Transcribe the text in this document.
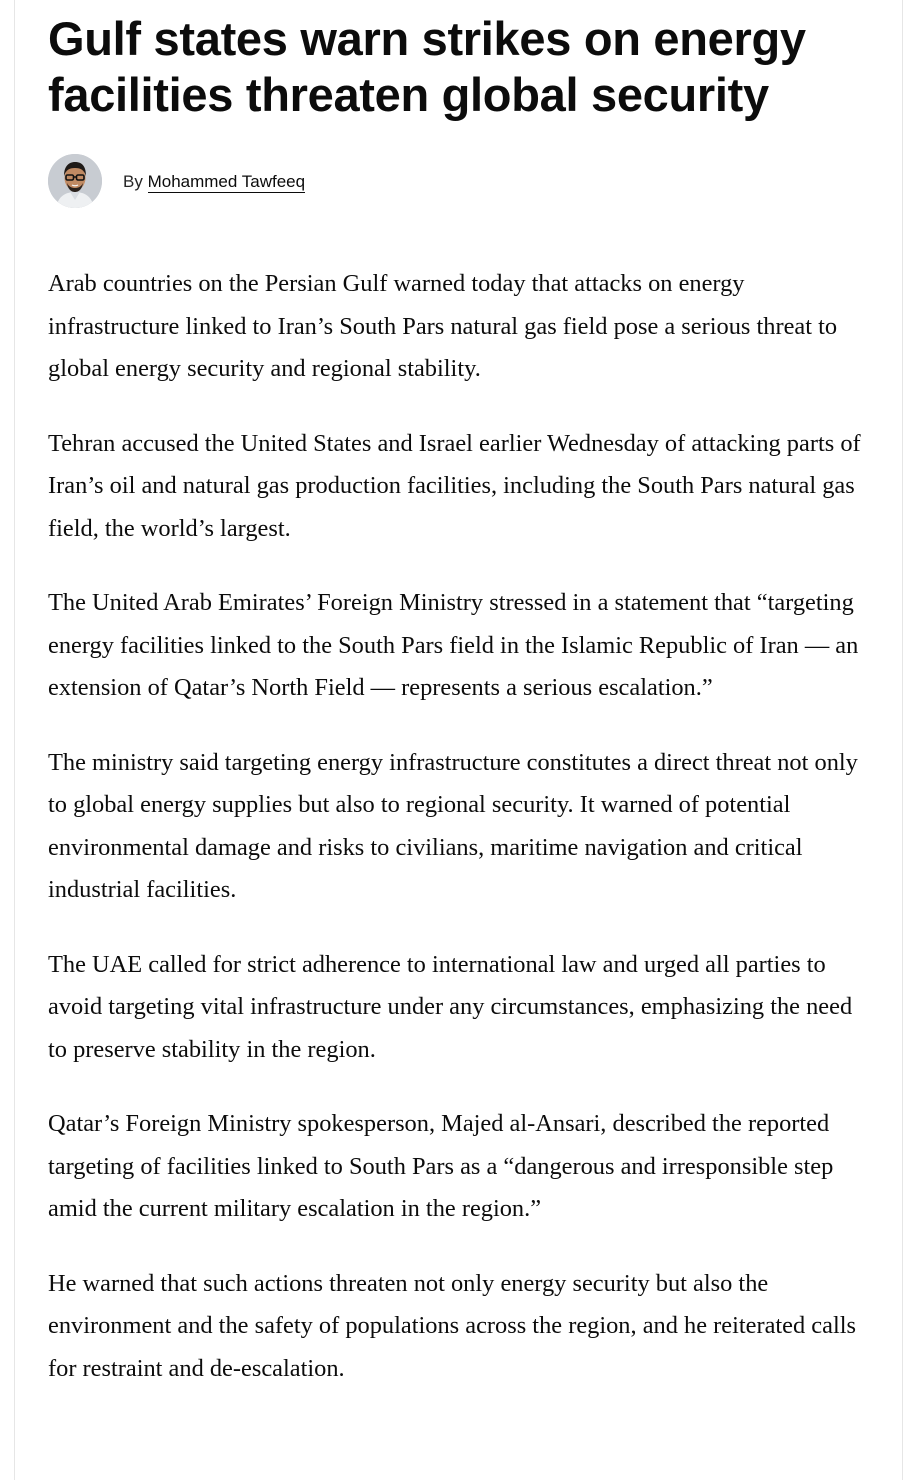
Gulf states warn strikes on energy facilities threaten global security
By Mohammed Tawfeeq

Arab countries on the Persian Gulf warned today that attacks on energy infrastructure linked to Iran’s South Pars natural gas field pose a serious threat to global energy security and regional stability.

Tehran accused the United States and Israel earlier Wednesday of attacking parts of Iran’s oil and natural gas production facilities, including the South Pars natural gas field, the world’s largest.

The United Arab Emirates’ Foreign Ministry stressed in a statement that “targeting energy facilities linked to the South Pars field in the Islamic Republic of Iran — an extension of Qatar’s North Field — represents a serious escalation.”

The ministry said targeting energy infrastructure constitutes a direct threat not only to global energy supplies but also to regional security. It warned of potential environmental damage and risks to civilians, maritime navigation and critical industrial facilities.

The UAE called for strict adherence to international law and urged all parties to avoid targeting vital infrastructure under any circumstances, emphasizing the need to preserve stability in the region.

Qatar’s Foreign Ministry spokesperson, Majed al-Ansari, described the reported targeting of facilities linked to South Pars as a “dangerous and irresponsible step amid the current military escalation in the region.”

He warned that such actions threaten not only energy security but also the environment and the safety of populations across the region, and he reiterated calls for restraint and de-escalation.
